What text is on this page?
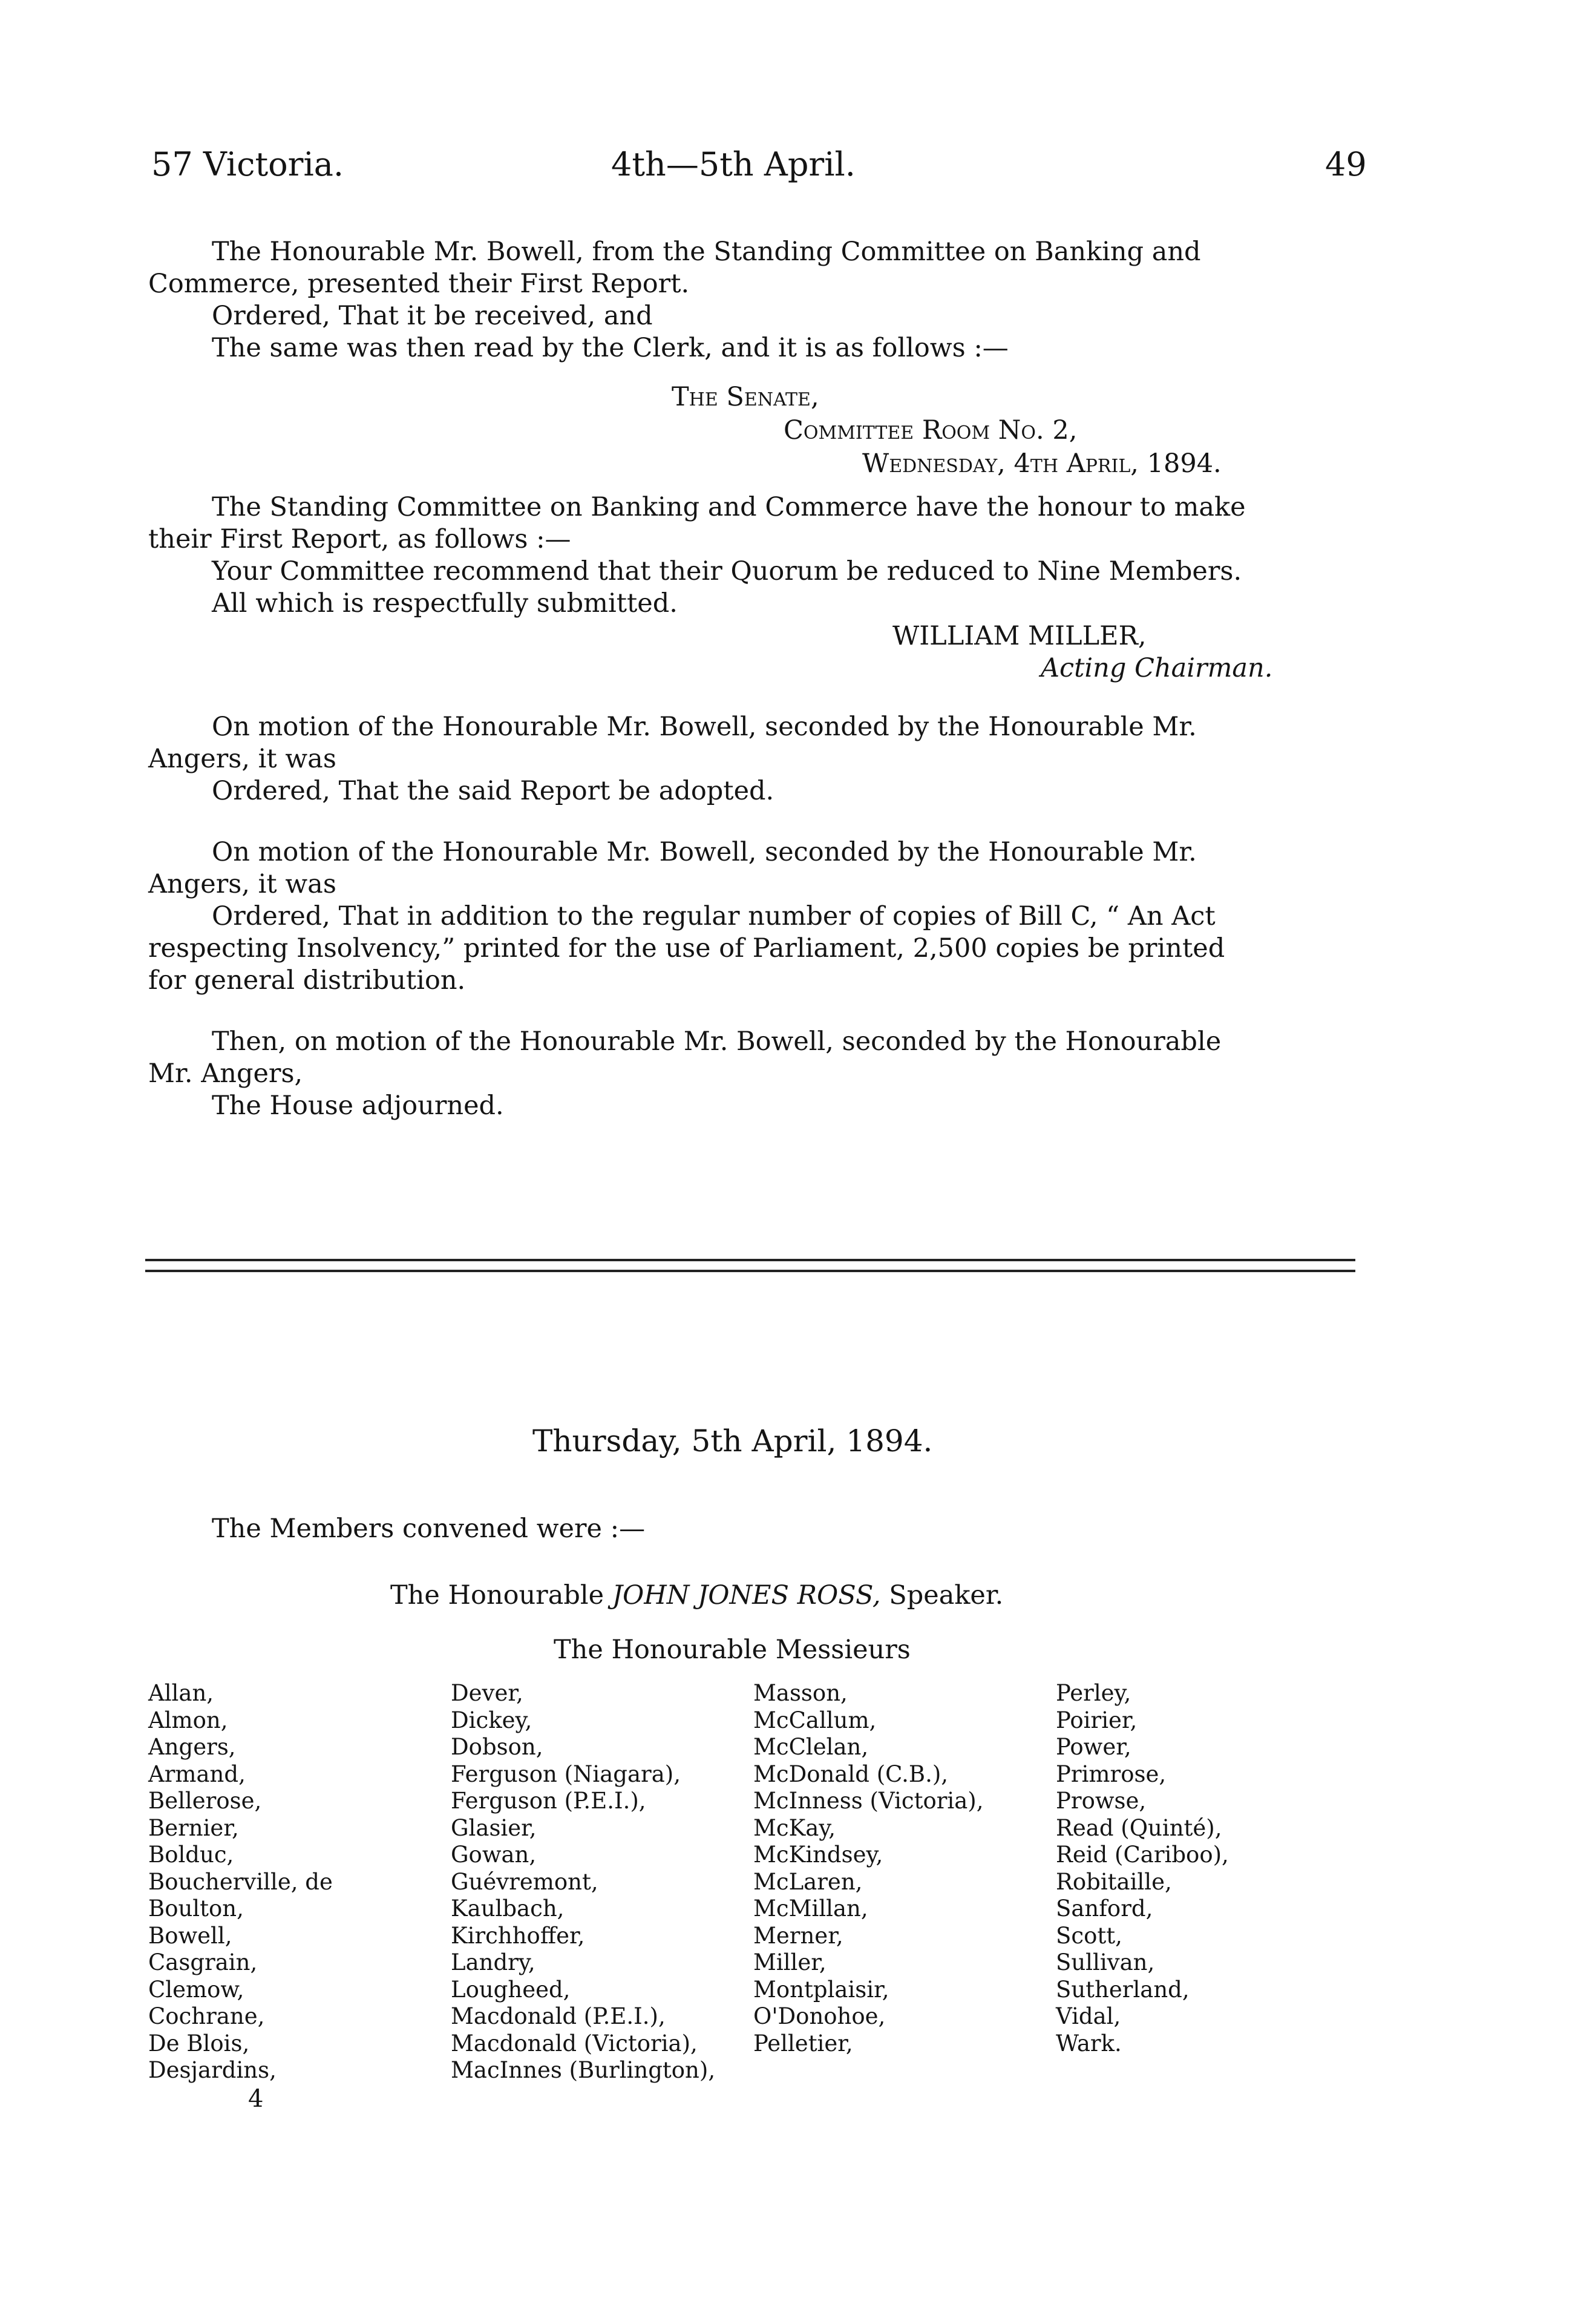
57 Victoria.	4th—5th April.	49
The Honourable Mr. Bowell, from the Standing Committee on Banking and
Commerce, presented their First Report.
Ordered, That it be received, and
The same was then read by the Clerk, and it is as follows :—
The Senate,
Committee Room No. 2,
Wednesday, 4th April, 1894.
The Standing Committee on Banking and Commerce have the honour to make
their First Report, as follows :—
Your Committee recommend that their Quorum be reduced to Nine Members.
All which is respectfully submitted.
WILLIAM MILLER,
Acting Chairman.
On motion of the Honourable Mr. Bowell, seconded by the Honourable Mr.
Angers, it was
Ordered, That the said Report be adopted.
On motion of the Honourable Mr. Bowell, seconded by the Honourable Mr.
Angers, it was
Ordered, That in addition to the regular number of copies of Bill C, “ An Act
respecting Insolvency,” printed for the use of Parliament, 2,500 copies be printed
for general distribution.
Then, on motion of the Honourable Mr. Bowell, seconded by the Honourable
Mr. Angers,
The House adjourned.
Thursday, 5th April, 1894.
The Members convened were :—
The Honourable JOHN JONES ROSS, Speaker.
The Honourable Messieurs
Allan,
Almon,
Angers,
Armand,
Bellerose,
Bernier,
Bolduc,
Boucherville, de
Boulton,
Bowell,
Casgrain,
Clemow,
Cochrane,
De Blois,
Desjardins,
Dever,
Dickey,
Dobson,
Ferguson (Niagara),
Ferguson (P.E.I.),
Glasier,
Gowan,
Guévremont,
Kaulbach,
Kirchhoffer,
Landry,
Lougheed,
Macdonald (P.E.I.),
Macdonald (Victoria),
MacInnes (Burlington),
Masson,
McCallum,
McClelan,
McDonald (C.B.),
McInness (Victoria),
McKay,
McKindsey,
McLaren,
McMillan,
Merner,
Miller,
Montplaisir,
O'Donohoe,
Pelletier,
Perley,
Poirier,
Power,
Primrose,
Prowse,
Read (Quinté),
Reid (Cariboo),
Robitaille,
Sanford,
Scott,
Sullivan,
Sutherland,
Vidal,
Wark.
4
